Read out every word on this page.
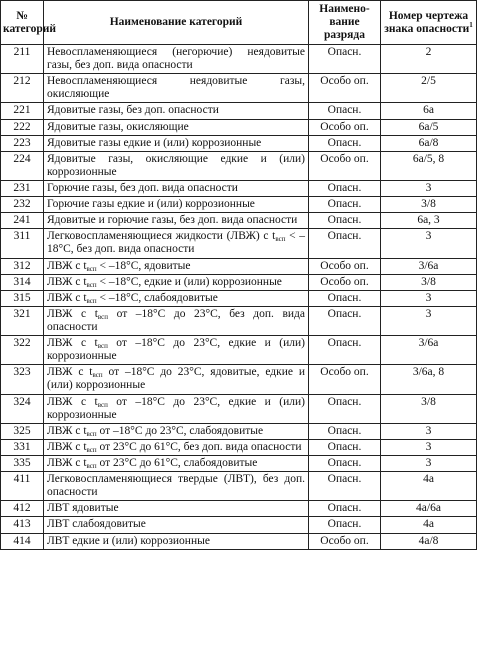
№ категорий	Наименование категорий	Наимено-вание разряда	Номер чертежа знака опасности$^1$
211	Невоспламеняющиеся (негорючие) неядовитые газы, без доп. вида опасности	Опасн.	2
212	Невоспламеняющиеся неядовитые газы, окисляющие	Особо оп.	2/5
221	Ядовитые газы, без доп. опасности	Опасн.	6а
222	Ядовитые газы, окисляющие	Особо оп.	6а/5
223	Ядовитые газы едкие и (или) коррозионные	Опасн.	6а/8
224	Ядовитые газы, окисляющие едкие и (или) коррозионные	Особо оп.	6а/5, 8
231	Горючие газы, без доп. вида опасности	Опасн.	3
232	Горючие газы едкие и (или) коррозионные	Опасн.	3/8
241	Ядовитые и горючие газы, без доп. вида опасности	Опасн.	6а, 3
311	Легковоспламеняющиеся жидкости (ЛВЖ) с $t_{всп} < -18^\circ С$, без доп. вида опасности	Опасн.	3
312	ЛВЖ с $t_{всп} < -18^\circ С$, ядовитые	Особо оп.	3/6а
314	ЛВЖ с $t_{всп} < -18^\circ С$, едкие и (или) коррозионные	Особо оп.	3/8
315	ЛВЖ с $t_{всп} < -18^\circ С$, слабоядовитые	Опасн.	3
321	ЛВЖ с $t_{всп}$ от –18°С до 23°С, без доп. вида опасности	Опасн.	3
322	ЛВЖ с $t_{всп}$ от –18°С до 23°С, едкие и (или) коррозионные	Опасн.	3/6а
323	ЛВЖ с $t_{всп}$ от –18°С до 23°С, ядовитые, едкие и (или) коррозионные	Особо оп.	3/6а, 8
324	ЛВЖ с $t_{всп}$ от –18°С до 23°С, едкие и (или) коррозионные	Опасн.	3/8
325	ЛВЖ с $t_{всп}$ от –18°С до 23°С, слабоядовитые	Опасн.	3
331	ЛВЖ с $t_{всп}$ от 23°С до 61°С, без доп. вида опасности	Опасн.	3
335	ЛВЖ с $t_{всп}$ от 23°С до 61°С, слабоядовитые	Опасн.	3
411	Легковоспламеняющиеся твердые (ЛВТ), без доп. опасности	Опасн.	4а
412	ЛВТ ядовитые	Опасн.	4а/6а
413	ЛВТ слабоядовитые	Опасн.	4а
414	ЛВТ едкие и (или) коррозионные	Особо оп.	4а/8
